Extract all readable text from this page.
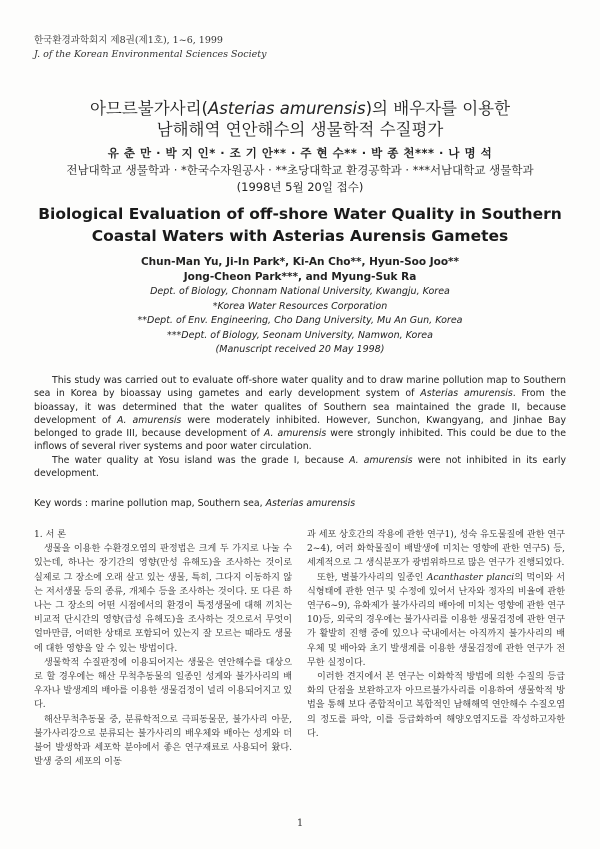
한국환경과학회지 제8권(제1호), 1~6, 1999
J. of the Korean Environmental Sciences Society
아므르불가사리(Asterias amurensis)의 배우자를 이용한
남해해역 연안해수의 생물학적 수질평가
유 춘 만 · 박 지 인* · 조 기 안** · 주 현 수** · 박 종 천*** · 나 명 석
전남대학교 생물학과 · *한국수자원공사 · **초당대학교 환경공학과 · ***서남대학교 생물학과
(1998년 5월 20일 접수)
Biological Evaluation of off-shore Water Quality in Southern
Coastal Waters with Asterias Aurensis Gametes
Chun-Man Yu, Ji-In Park*, Ki-An Cho**, Hyun-Soo Joo**
Jong-Cheon Park***, and Myung-Suk Ra
Dept. of Biology, Chonnam National University, Kwangju, Korea
*Korea Water Resources Corporation
**Dept. of Env. Engineering, Cho Dang University, Mu An Gun, Korea
***Dept. of Biology, Seonam University, Namwon, Korea
(Manuscript received 20 May 1998)

This study was carried out to evaluate off-shore water quality and to draw marine pollution map to Southern sea in Korea by bioassay using gametes and early development system of Asterias amurensis. From the bioassay, it was determined that the water qualites of Southern sea maintained the grade II, because development of A. amurensis were moderately inhibited. However, Sunchon, Kwangyang, and Jinhae Bay belonged to grade III, because development of A. amurensis were strongly inhibited. This could be due to the inflows of several river systems and poor water circulation.

The water quality at Yosu island was the grade I, because A. amurensis were not inhibited in its early development.

Key words : marine pollution map, Southern sea, Asterias amurensis

1. 서 론

생물을 이용한 수환경오염의 판정법은 크게 두 가지로 나눌 수 있는데, 하나는 장기간의 영향(만성 유해도)을 조사하는 것이로 실제로 그 장소에 오래 살고 있는 생물, 특히, 그다지 이동하지 않는 저서생물 등의 종류, 개체수 등을 조사하는 것이다. 또 다른 하나는 그 장소의 어떤 시점에서의 환경이 특정생물에 대해 끼치는 비교적 단시간의 영향(급성 유해도)을 조사하는 것으로서 무엇이 얼마만큼, 어떠한 상태로 포함되어 있는지 잘 모르는 때라도 생물에 대한 영향을 알 수 있는 방법이다.

생물학적 수질판정에 이용되어지는 생물은 연안해수를 대상으로 할 경우에는 해산 무척추동물의 일종인 성게와 불가사리의 배우자나 발생계의 배아를 이용한 생물검정이 널리 이용되어지고 있다.

해산무척추동물 중, 분류학적으로 극피동물문, 불가사리 아문, 불가사리강으로 분류되는 불가사리의 배우체와 배아는 성게와 더불어 발생학과 세포학 분야에서 좋은 연구재료로 사용되어 왔다. 발생 중의 세포의 이동

과 세포 상호간의 작용에 관한 연구1), 성숙 유도물질에 관한 연구2~4), 여러 화학물질이 배발생에 미치는 영향에 관한 연구5) 등, 세계적으로 그 생식분포가 광범위하므로 많은 연구가 진행되었다.

또한, 별불가사리의 일종인 Acanthaster planci의 먹이와 서식형태에 관한 연구 및 수정에 있어서 난자와 정자의 비율에 관한 연구6~9), 유화제가 불가사리의 배아에 미치는 영향에 관한 연구10)등, 외국의 경우에는 불가사리를 이용한 생물검정에 관한 연구가 활발히 진행 중에 있으나 국내에서는 아직까지 불가사리의 배우체 및 배아와 초기 발생계를 이용한 생물검정에 관한 연구가 전무한 실정이다.

이러한 견지에서 본 연구는 이화학적 방법에 의한 수질의 등급화의 단점을 보완하고자 아므르불가사리를 이용하여 생물학적 방법을 통해 보다 종합적이고 복합적인 남해해역 연안해수 수질오염의 정도를 파악, 이를 등급화하여 해양오염지도를 작성하고자한다.

1
